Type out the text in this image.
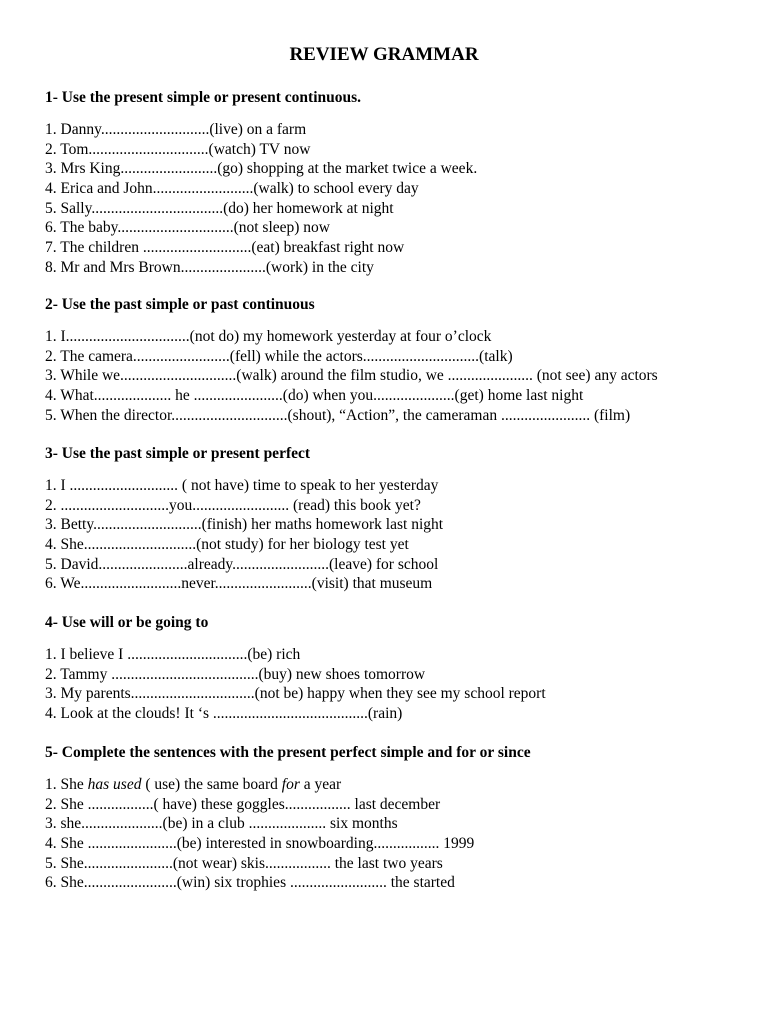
REVIEW GRAMMAR
1- Use the present simple or present continuous.
1. Danny............................(live) on a farm
2. Tom...............................(watch) TV now
3. Mrs King.........................(go) shopping at the market twice a week.
4. Erica and John..........................(walk) to school every day
5. Sally..................................(do) her homework at night
6. The baby..............................(not sleep) now
7. The children ............................(eat) breakfast right now
8. Mr and Mrs Brown......................(work) in the city
2- Use the past simple or past continuous
1. I................................(not do) my homework yesterday at four o’clock
2. The camera.........................(fell) while the actors..............................(talk)
3. While we..............................(walk) around the film studio, we ...................... (not see) any actors
4. What.................... he .......................(do) when you.....................(get) home last night
5. When the director..............................(shout), “Action”, the cameraman ....................... (film)
3- Use the past simple or present perfect
1. I ............................ ( not have) time to speak to her yesterday
2. ............................you......................... (read) this book yet?
3. Betty............................(finish) her maths homework last night
4. She.............................(not study) for her biology test yet
5. David.......................already.........................(leave) for school
6. We..........................never.........................(visit) that museum
4- Use will or be going to
1. I believe I ...............................(be) rich
2. Tammy ......................................(buy) new shoes tomorrow
3. My parents................................(not be) happy when they see my school report
4. Look at the clouds! It ‘s ........................................(rain)
5- Complete the sentences with the present perfect simple and for or since
1. She has used ( use) the same board for a year
2. She .................( have) these goggles................. last december
3. she.....................(be) in a club .................... six months
4. She .......................(be) interested in snowboarding................. 1999
5. She.......................(not wear) skis................. the last two years
6. She........................(win) six trophies ......................... the started
